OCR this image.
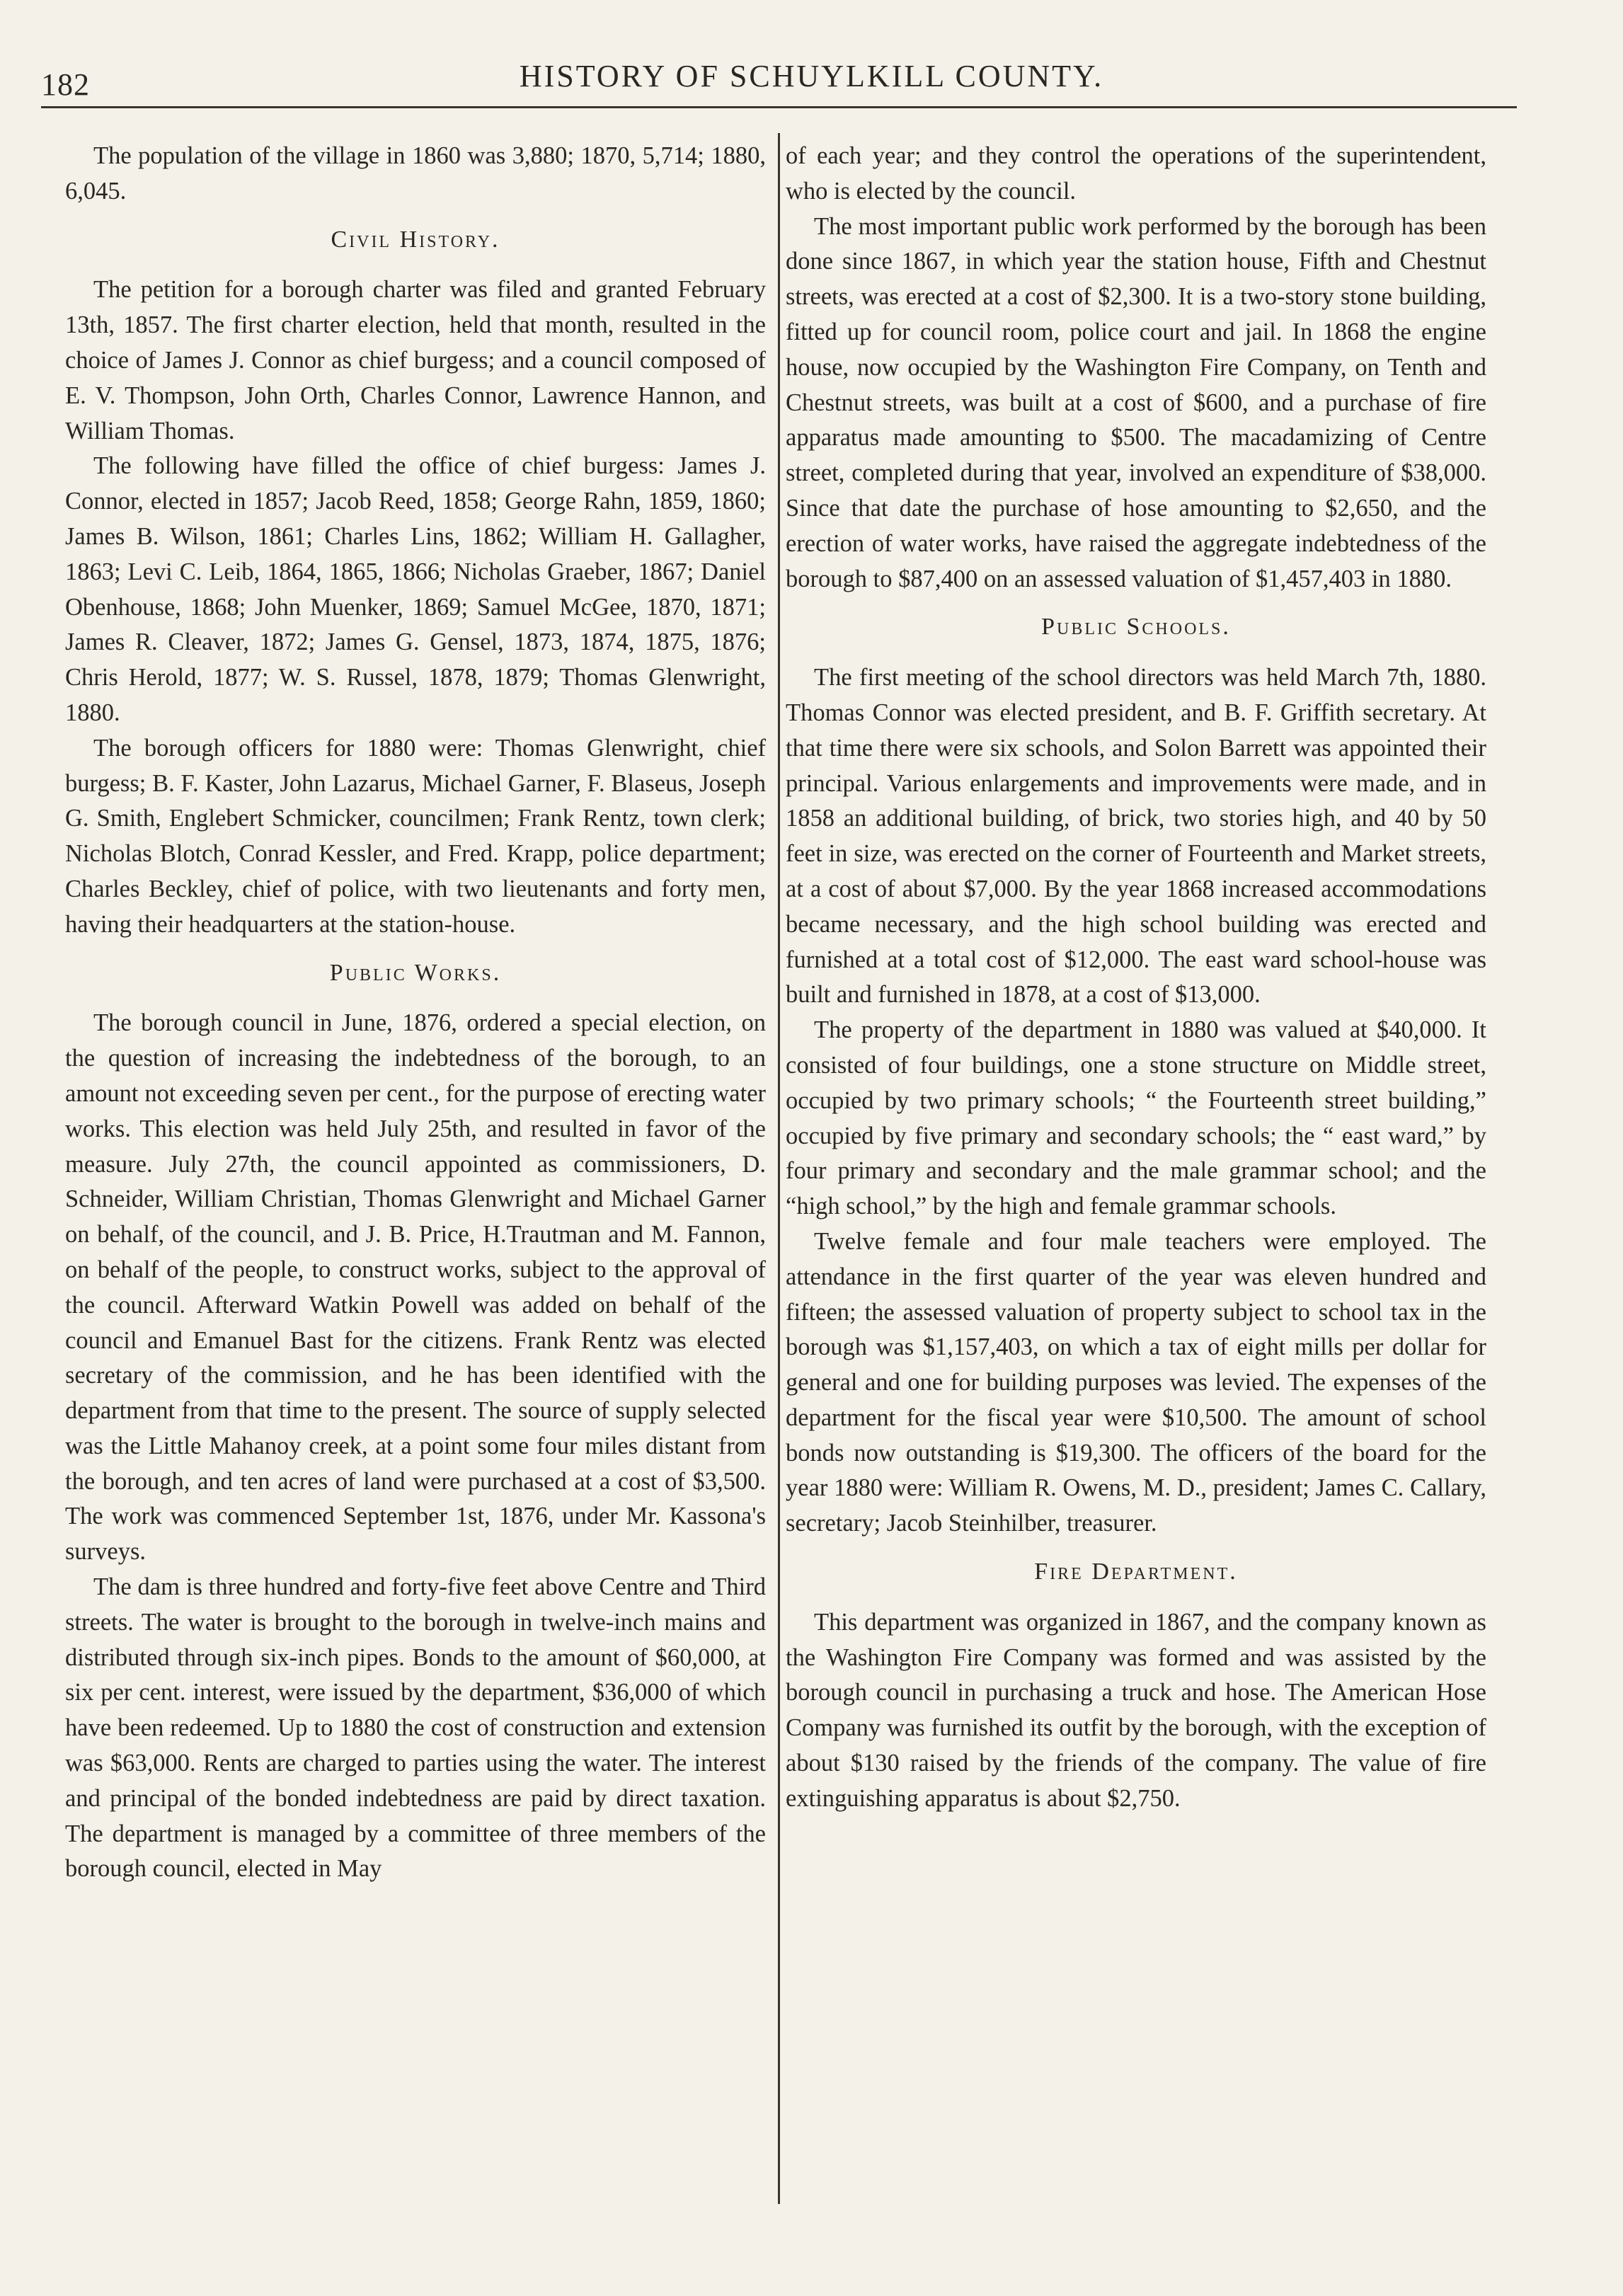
182	HISTORY OF SCHUYLKILL COUNTY.

The population of the village in 1860 was 3,880; 1870, 5,714; 1880, 6,045.

Civil History.

The petition for a borough charter was filed and granted February 13th, 1857. The first charter election, held that month, resulted in the choice of James J. Connor as chief burgess; and a council composed of E. V. Thompson, John Orth, Charles Connor, Lawrence Hannon, and William Thomas.

The following have filled the office of chief burgess: James J. Connor, elected in 1857; Jacob Reed, 1858; George Rahn, 1859, 1860; James B. Wilson, 1861; Charles Lins, 1862; William H. Gallagher, 1863; Levi C. Leib, 1864, 1865, 1866; Nicholas Graeber, 1867; Daniel Obenhouse, 1868; John Muenker, 1869; Samuel McGee, 1870, 1871; James R. Cleaver, 1872; James G. Gensel, 1873, 1874, 1875, 1876; Chris Herold, 1877; W. S. Russel, 1878, 1879; Thomas Glenwright, 1880.

The borough officers for 1880 were: Thomas Glenwright, chief burgess; B. F. Kaster, John Lazarus, Michael Garner, F. Blaseus, Joseph G. Smith, Englebert Schmicker, councilmen; Frank Rentz, town clerk; Nicholas Blotch, Conrad Kessler, and Fred. Krapp, police department; Charles Beckley, chief of police, with two lieutenants and forty men, having their headquarters at the station-house.

Public Works.

The borough council in June, 1876, ordered a special election, on the question of increasing the indebtedness of the borough, to an amount not exceeding seven per cent., for the purpose of erecting water works. This election was held July 25th, and resulted in favor of the measure. July 27th, the council appointed as commissioners, D. Schneider, William Christian, Thomas Glenwright and Michael Garner on behalf, of the council, and J. B. Price, H.Trautman and M. Fannon, on behalf of the people, to construct works, subject to the approval of the council. Afterward Watkin Powell was added on behalf of the council and Emanuel Bast for the citizens. Frank Rentz was elected secretary of the commission, and he has been identified with the department from that time to the present. The source of supply selected was the Little Mahanoy creek, at a point some four miles distant from the borough, and ten acres of land were purchased at a cost of $3,500. The work was commenced September 1st, 1876, under Mr. Kassona's surveys.

The dam is three hundred and forty-five feet above Centre and Third streets. The water is brought to the borough in twelve-inch mains and distributed through six-inch pipes. Bonds to the amount of $60,000, at six per cent. interest, were issued by the department, $36,000 of which have been redeemed. Up to 1880 the cost of construction and extension was $63,000. Rents are charged to parties using the water. The interest and principal of the bonded indebtedness are paid by direct taxation. The department is managed by a committee of three members of the borough council, elected in May

of each year; and they control the operations of the superintendent, who is elected by the council.

The most important public work performed by the borough has been done since 1867, in which year the station house, Fifth and Chestnut streets, was erected at a cost of $2,300. It is a two-story stone building, fitted up for council room, police court and jail. In 1868 the engine house, now occupied by the Washington Fire Company, on Tenth and Chestnut streets, was built at a cost of $600, and a purchase of fire apparatus made amounting to $500. The macadamizing of Centre street, completed during that year, involved an expenditure of $38,000. Since that date the purchase of hose amounting to $2,650, and the erection of water works, have raised the aggregate indebtedness of the borough to $87,400 on an assessed valuation of $1,457,403 in 1880.

Public Schools.

The first meeting of the school directors was held March 7th, 1880. Thomas Connor was elected president, and B. F. Griffith secretary. At that time there were six schools, and Solon Barrett was appointed their principal. Various enlargements and improvements were made, and in 1858 an additional building, of brick, two stories high, and 40 by 50 feet in size, was erected on the corner of Fourteenth and Market streets, at a cost of about $7,000. By the year 1868 increased accommodations became necessary, and the high school building was erected and furnished at a total cost of $12,000. The east ward school-house was built and furnished in 1878, at a cost of $13,000.

The property of the department in 1880 was valued at $40,000. It consisted of four buildings, one a stone structure on Middle street, occupied by two primary schools; “ the Fourteenth street building,” occupied by five primary and secondary schools; the “ east ward,” by four primary and secondary and the male grammar school; and the “high school,” by the high and female grammar schools.

Twelve female and four male teachers were employed. The attendance in the first quarter of the year was eleven hundred and fifteen; the assessed valuation of property subject to school tax in the borough was $1,157,403, on which a tax of eight mills per dollar for general and one for building purposes was levied. The expenses of the department for the fiscal year were $10,500. The amount of school bonds now outstanding is $19,300. The officers of the board for the year 1880 were: William R. Owens, M. D., president; James C. Callary, secretary; Jacob Steinhilber, treasurer.

Fire Department.

This department was organized in 1867, and the company known as the Washington Fire Company was formed and was assisted by the borough council in purchasing a truck and hose. The American Hose Company was furnished its outfit by the borough, with the exception of about $130 raised by the friends of the company. The value of fire extinguishing apparatus is about $2,750.
